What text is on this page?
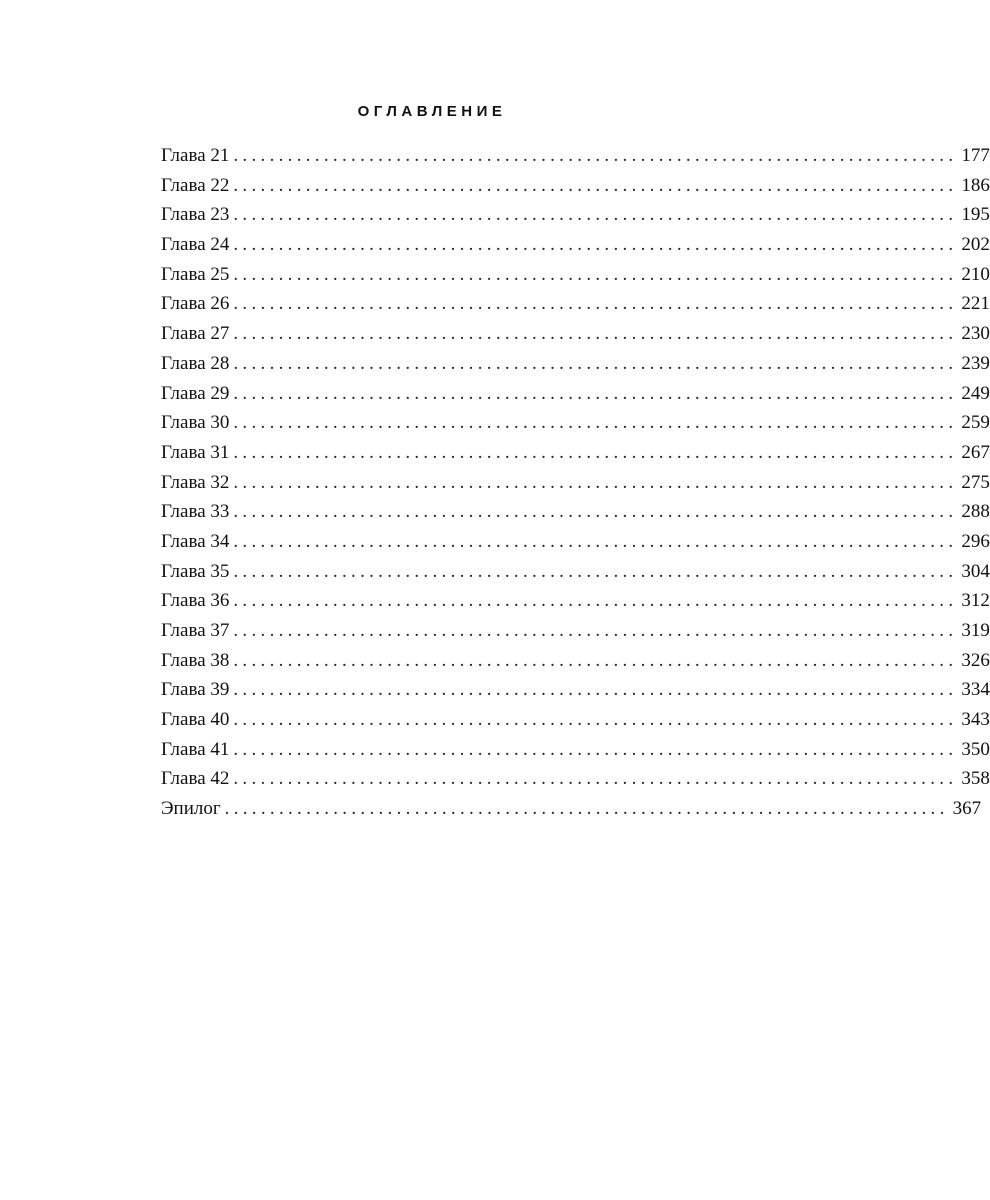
ОГЛАВЛЕНИЕ
Глава 21 ................................................................................ 177
Глава 22 ................................................................................ 186
Глава 23 ................................................................................ 195
Глава 24 ................................................................................ 202
Глава 25 ................................................................................ 210
Глава 26 ................................................................................ 221
Глава 27 ................................................................................ 230
Глава 28 ................................................................................ 239
Глава 29 ................................................................................ 249
Глава 30 ................................................................................ 259
Глава 31 ................................................................................ 267
Глава 32 ................................................................................ 275
Глава 33 ................................................................................ 288
Глава 34 ................................................................................ 296
Глава 35 ................................................................................ 304
Глава 36 ................................................................................ 312
Глава 37 ................................................................................ 319
Глава 38 ................................................................................ 326
Глава 39 ................................................................................ 334
Глава 40 ................................................................................ 343
Глава 41 ................................................................................ 350
Глава 42 ................................................................................ 358
Эпилог ................................................................................ 367
